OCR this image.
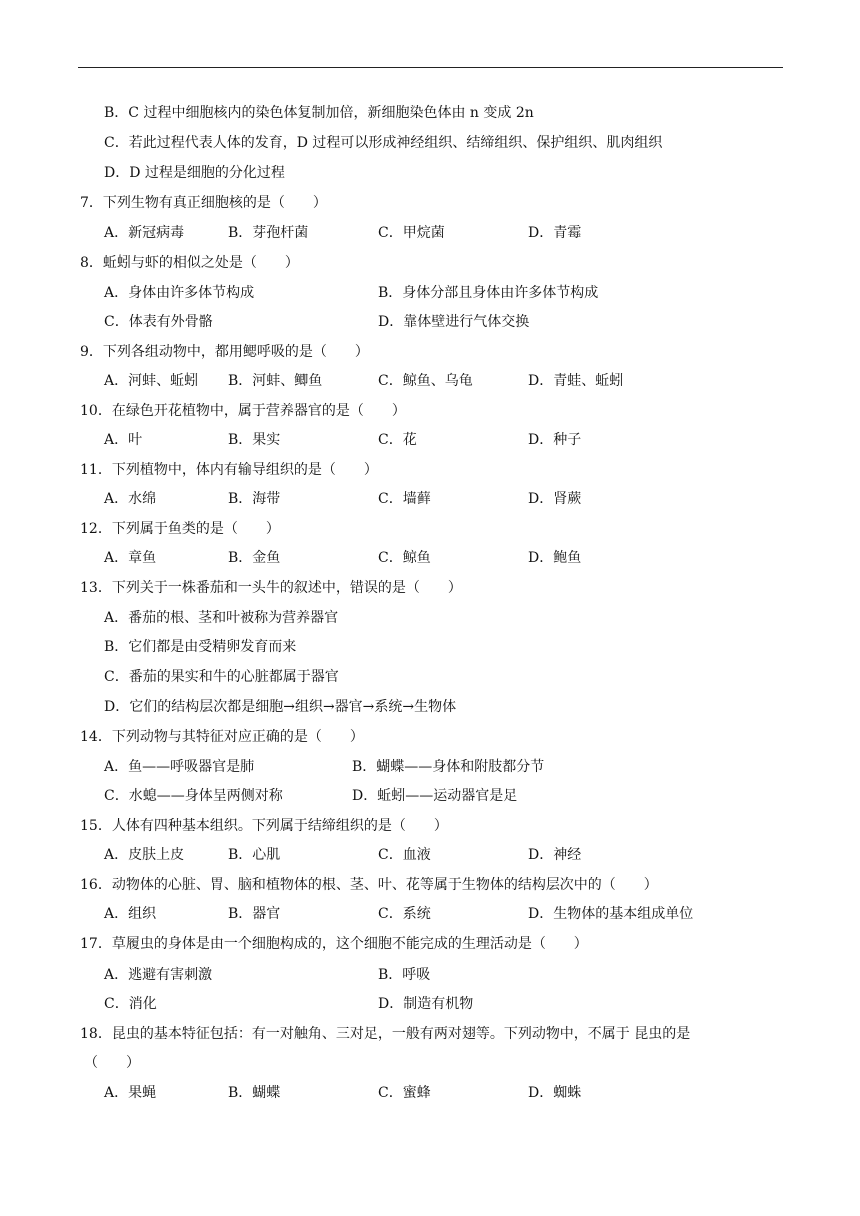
B．C 过程中细胞核内的染色体复制加倍，新细胞染色体由 n 变成 2n
C．若此过程代表人体的发育，D 过程可以形成神经组织、结缔组织、保护组织、肌肉组织
D．D 过程是细胞的分化过程
7．下列生物有真正细胞核的是（　　）
A．新冠病毒	B．芽孢杆菌	C．甲烷菌	D．青霉
8．蚯蚓与虾的相似之处是（　　）
A．身体由许多体节构成	B．身体分部且身体由许多体节构成
C．体表有外骨骼	D．靠体壁进行气体交换
9．下列各组动物中，都用鳃呼吸的是（　　）
A．河蚌、蚯蚓 B．河蚌、鲫鱼	C．鲸鱼、乌龟	D．青蛙、蚯蚓
10．在绿色开花植物中，属于营养器官的是（　　）
A．叶	B．果实	C．花	D．种子
11．下列植物中，体内有输导组织的是（　　）
A．水绵	B．海带	C．墙藓	D．肾蕨
12．下列属于鱼类的是（　　）
A．章鱼	B．金鱼	C．鲸鱼	D．鲍鱼
13．下列关于一株番茄和一头牛的叙述中，错误的是（　　）
A．番茄的根、茎和叶被称为营养器官
B．它们都是由受精卵发育而来
C．番茄的果实和牛的心脏都属于器官
D．它们的结构层次都是细胞→组织→器官→系统→生物体
14．下列动物与其特征对应正确的是（　　）
A．鱼——呼吸器官是肺	B．蝴蝶——身体和附肢都分节
C．水螅——身体呈两侧对称	D．蚯蚓——运动器官是足
15．人体有四种基本组织。下列属于结缔组织的是（　　）
A．皮肤上皮	B．心肌	C．血液	D．神经
16．动物体的心脏、胃、脑和植物体的根、茎、叶、花等属于生物体的结构层次中的（　　）
A．组织	B．器官	C．系统	D．生物体的基本组成单位
17．草履虫的身体是由一个细胞构成的，这个细胞不能完成的生理活动是（　　）
A．逃避有害刺激	B．呼吸
C．消化	D．制造有机物
18．昆虫的基本特征包括：有一对触角、三对足，一般有两对翅等。下列动物中，不属于 昆虫的是
（　　）
A．果蝇	B．蝴蝶	C．蜜蜂	D．蜘蛛
